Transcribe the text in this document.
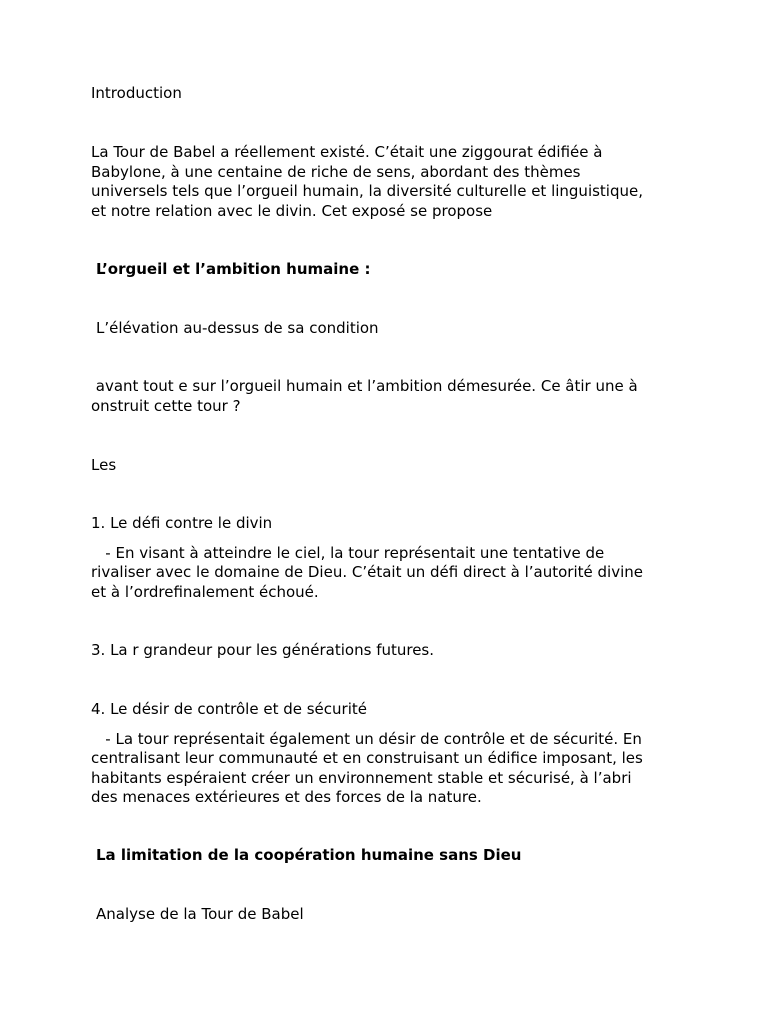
Introduction

La Tour de Babel a réellement existé. C’était une ziggourat édifiée à

Babylone, à une centaine de riche de sens, abordant des thèmes

universels tels que l’orgueil humain, la diversité culturelle et linguistique,

et notre relation avec le divin. Cet exposé se propose

L’orgueil et l’ambition humaine :

L’élévation au-dessus de sa condition

avant tout e sur l’orgueil humain et l’ambition démesurée. Ce âtir une à

onstruit cette tour ?

Les

1. Le défi contre le divin

- En visant à atteindre le ciel, la tour représentait une tentative de

rivaliser avec le domaine de Dieu. C’était un défi direct à l’autorité divine

et à l’ordrefinalement échoué.

3. La r grandeur pour les générations futures.

4. Le désir de contrôle et de sécurité

- La tour représentait également un désir de contrôle et de sécurité. En

centralisant leur communauté et en construisant un édifice imposant, les

habitants espéraient créer un environnement stable et sécurisé, à l’abri

des menaces extérieures et des forces de la nature.

La limitation de la coopération humaine sans Dieu

Analyse de la Tour de Babel
